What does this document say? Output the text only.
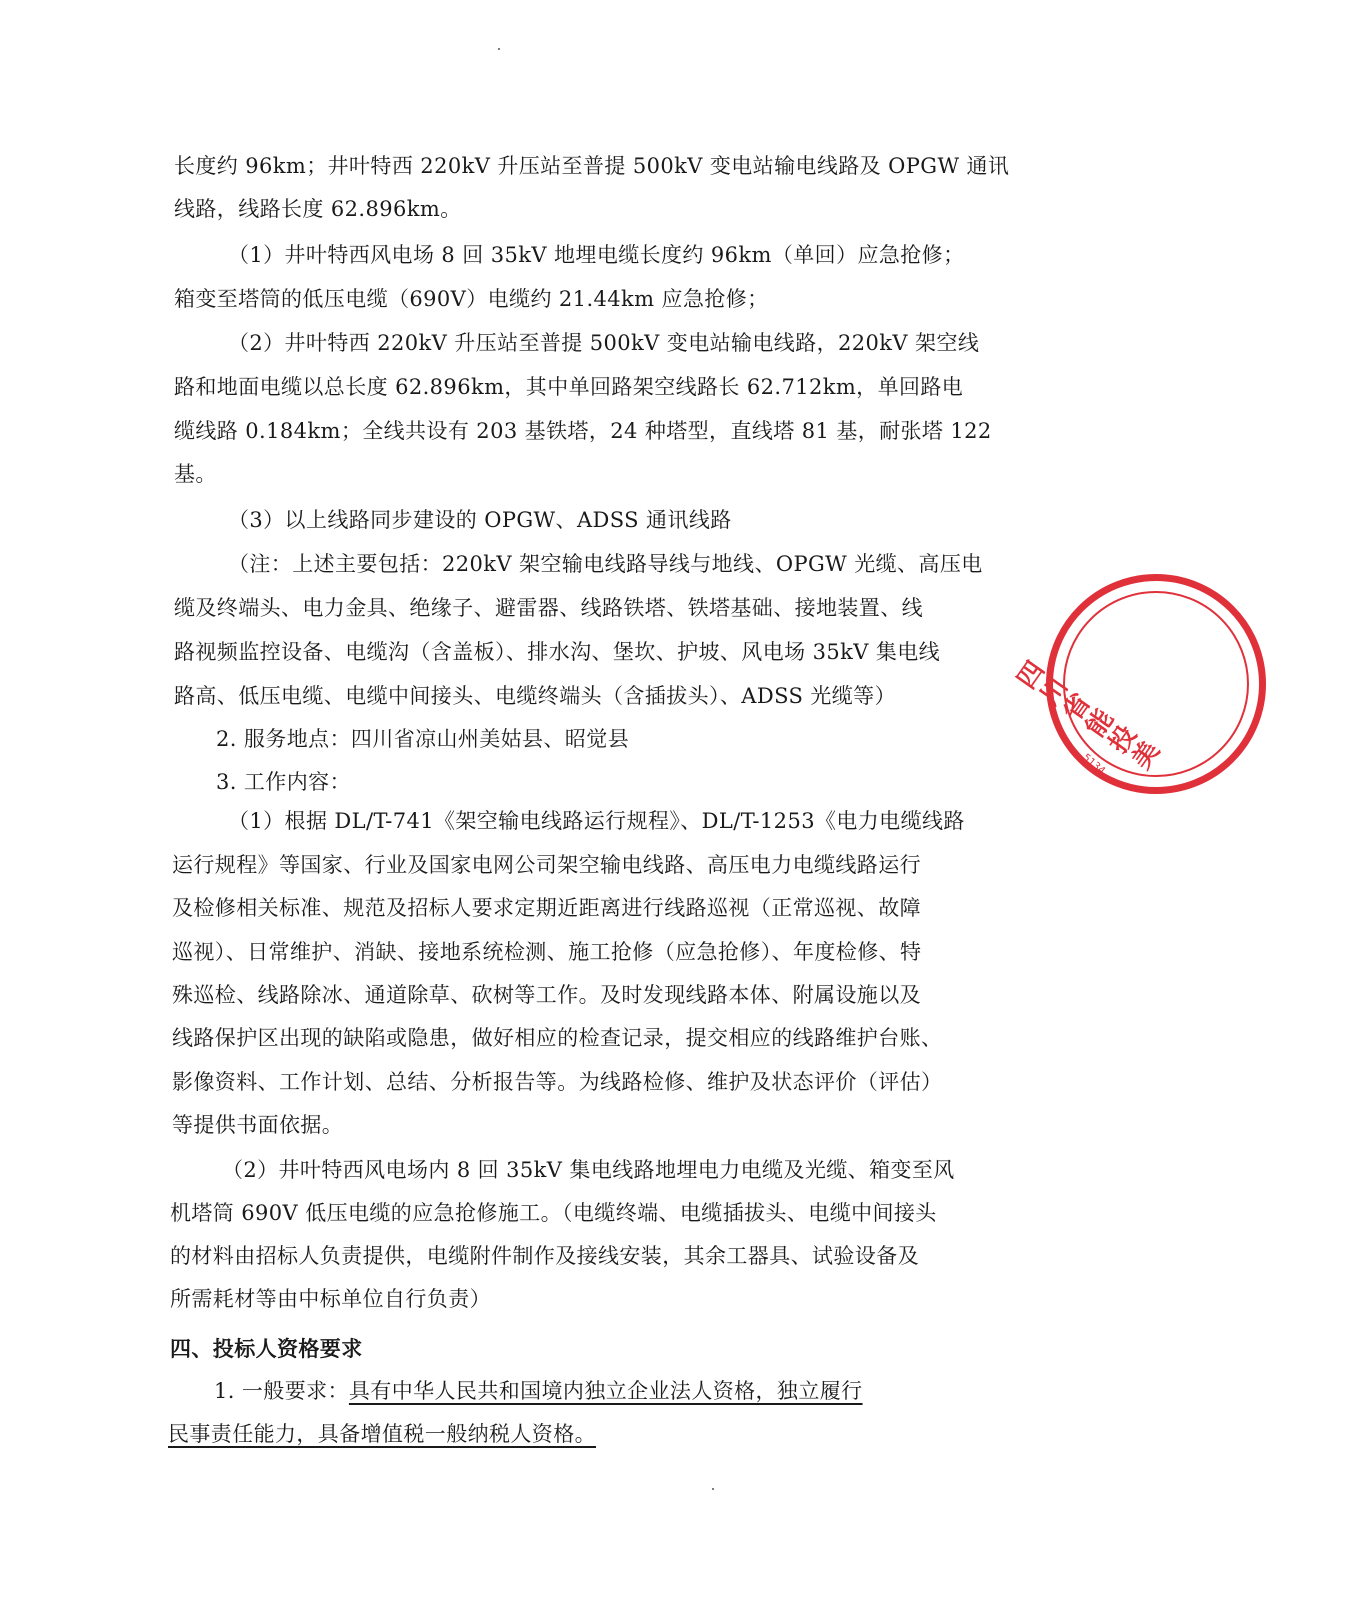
长度约 96km；井叶特西 220kV 升压站至普提 500kV 变电站输电线路及 OPGW 通讯
线路，线路长度 62.896km。
（1）井叶特西风电场 8 回 35kV 地埋电缆长度约 96km（单回）应急抢修；
箱变至塔筒的低压电缆（690V）电缆约 21.44km 应急抢修；
（2）井叶特西 220kV 升压站至普提 500kV 变电站输电线路，220kV 架空线
路和地面电缆以总长度 62.896km，其中单回路架空线路长 62.712km，单回路电
缆线路 0.184km；全线共设有 203 基铁塔，24 种塔型，直线塔 81 基，耐张塔 122
基。
（3）以上线路同步建设的 OPGW、ADSS 通讯线路
（注：上述主要包括：220kV 架空输电线路导线与地线、OPGW 光缆、高压电
缆及终端头、电力金具、绝缘子、避雷器、线路铁塔、铁塔基础、接地装置、线
路视频监控设备、电缆沟（含盖板）、排水沟、堡坎、护坡、风电场 35kV 集电线
路高、低压电缆、电缆中间接头、电缆终端头（含插拔头）、ADSS 光缆等）
2. 服务地点：四川省凉山州美姑县、昭觉县
3. 工作内容：
（1）根据 DL/T-741《架空输电线路运行规程》、DL/T-1253《电力电缆线路
运行规程》等国家、行业及国家电网公司架空输电线路、高压电力电缆线路运行
及检修相关标准、规范及招标人要求定期近距离进行线路巡视（正常巡视、故障
巡视）、日常维护、消缺、接地系统检测、施工抢修（应急抢修）、年度检修、特
殊巡检、线路除冰、通道除草、砍树等工作。及时发现线路本体、附属设施以及
线路保护区出现的缺陷或隐患，做好相应的检查记录，提交相应的线路维护台账、
影像资料、工作计划、总结、分析报告等。为线路检修、维护及状态评价（评估）
等提供书面依据。
（2）井叶特西风电场内 8 回 35kV 集电线路地埋电力电缆及光缆、箱变至风
机塔筒 690V 低压电缆的应急抢修施工。（电缆终端、电缆插拔头、电缆中间接头
的材料由招标人负责提供，电缆附件制作及接线安装，其余工器具、试验设备及
所需耗材等由中标单位自行负责）
四、投标人资格要求
1. 一般要求：具有中华人民共和国境内独立企业法人资格，独立履行
民事责任能力，具备增值税一般纳税人资格。
四川省能投美
5134
